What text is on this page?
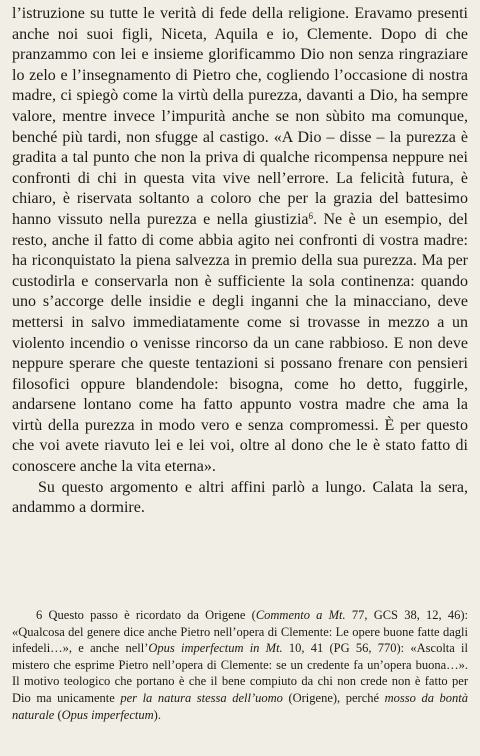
l’istruzione su tutte le verità di fede della religione. Eravamo presenti anche noi suoi figli, Niceta, Aquila e io, Clemente. Dopo di che pranzammo con lei e insieme glorificammo Dio non senza ringraziare lo zelo e l’insegnamento di Pietro che, cogliendo l’occasione di nostra madre, ci spiegò come la virtù della purezza, davanti a Dio, ha sempre valore, mentre invece l’impurità anche se non sùbito ma comunque, benché più tardi, non sfugge al castigo. «A Dio – disse – la purezza è gradita a tal punto che non la priva di qualche ricompensa neppure nei confronti di chi in questa vita vive nell’errore. La felicità futura, è chiaro, è riservata soltanto a coloro che per la grazia del battesimo hanno vissuto nella purezza e nella giustizia$^6$. Ne è un esempio, del resto, anche il fatto di come abbia agito nei confronti di vostra madre: ha riconquistato la piena salvezza in premio della sua purezza. Ma per custodirla e conservarla non è sufficiente la sola continenza: quando uno s’accorge delle insidie e degli inganni che la minacciano, deve mettersi in salvo immediatamente come si trovasse in mezzo a un violento incendio o venisse rincorso da un cane rabbioso. E non deve neppure sperare che queste tentazioni si possano frenare con pensieri filosofici oppure blandendole: bisogna, come ho detto, fuggirle, andarsene lontano come ha fatto appunto vostra madre che ama la virtù della purezza in modo vero e senza compromessi. È per questo che voi avete riavuto lei e lei voi, oltre al dono che le è stato fatto di conoscere anche la vita eterna».

Su questo argomento e altri affini parlò a lungo. Calata la sera, andammo a dormire.

6  Questo passo è ricordato da Origene (Commento a Mt. 77, GCS 38, 12, 46): «Qualcosa del genere dice anche Pietro nell’opera di Clemente: Le opere buone fatte dagli infedeli…», e anche nell’Opus imperfectum in Mt. 10, 41 (PG 56, 770): «Ascolta il mistero che esprime Pietro nell’opera di Clemente: se un credente fa un’opera buona…». Il motivo teologico che portano è che il bene compiuto da chi non crede non è fatto per Dio ma unicamente per la natura stessa dell’uomo (Origene), perché mosso da bontà naturale (Opus imperfectum).
